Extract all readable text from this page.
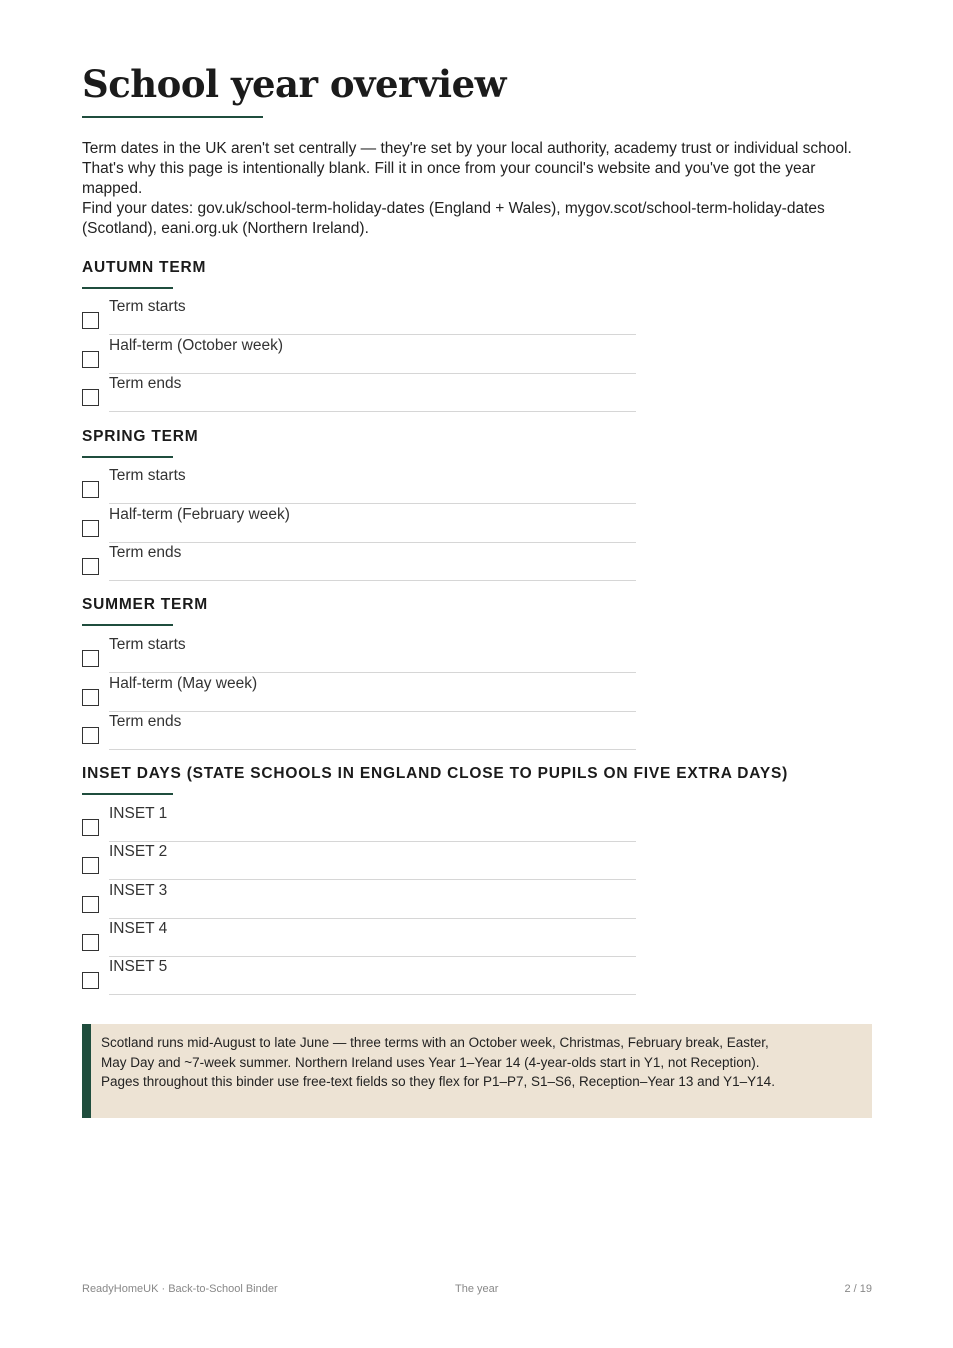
School year overview

Term dates in the UK aren't set centrally — they're set by your local authority, academy trust or individual school. That's why this page is intentionally blank. Fill it in once from your council's website and you've got the year mapped.

Find your dates: gov.uk/school-term-holiday-dates (England + Wales), mygov.scot/school-term-holiday-dates (Scotland), eani.org.uk (Northern Ireland).

AUTUMN TERM
Term starts
Half-term (October week)
Term ends
SPRING TERM
Term starts
Half-term (February week)
Term ends
SUMMER TERM
Term starts
Half-term (May week)
Term ends
INSET DAYS (STATE SCHOOLS IN ENGLAND CLOSE TO PUPILS ON FIVE EXTRA DAYS)
INSET 1
INSET 2
INSET 3
INSET 4
INSET 5
Scotland runs mid-August to late June — three terms with an October week, Christmas, February break, Easter,
May Day and ~7-week summer. Northern Ireland uses Year 1–Year 14 (4-year-olds start in Y1, not Reception).
Pages throughout this binder use free-text fields so they flex for P1–P7, S1–S6, Reception–Year 13 and Y1–Y14.
ReadyHomeUK · Back-to-School Binder	The year	2 / 19
